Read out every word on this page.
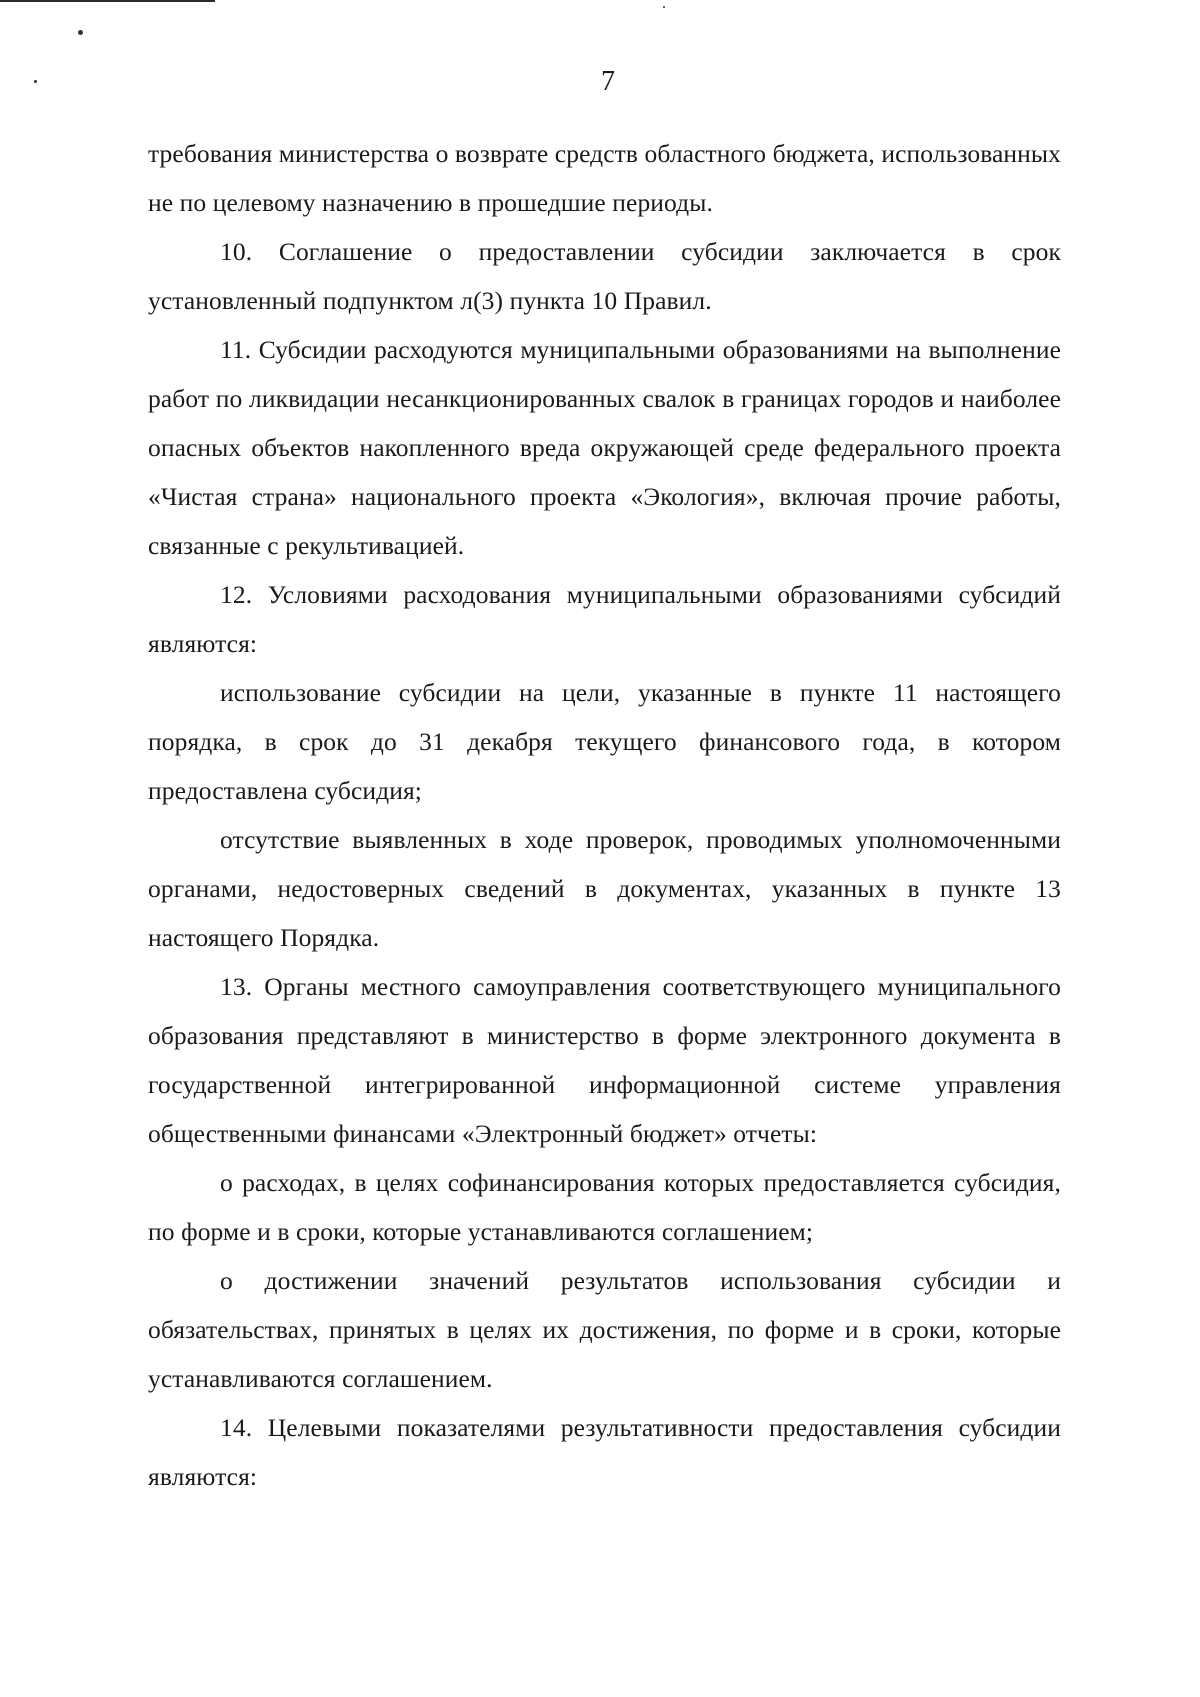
7

требования министерства о возврате средств областного бюджета, использованных не по целевому назначению в прошедшие периоды.

10. Соглашение о предоставлении субсидии заключается в срок установленный подпунктом л(3) пункта 10 Правил.

11. Субсидии расходуются муниципальными образованиями на выполнение работ по ликвидации несанкционированных свалок в границах городов и наиболее опасных объектов накопленного вреда окружающей среде федерального проекта «Чистая страна» национального проекта «Экология», включая прочие работы, связанные с рекультивацией.

12. Условиями расходования муниципальными образованиями субсидий являются:

использование субсидии на цели, указанные в пункте 11 настоящего порядка, в срок до 31 декабря текущего финансового года, в котором предоставлена субсидия;

отсутствие выявленных в ходе проверок, проводимых уполномоченными органами, недостоверных сведений в документах, указанных в пункте 13 настоящего Порядка.

13. Органы местного самоуправления соответствующего муниципального образования представляют в министерство в форме электронного документа в государственной интегрированной информационной системе управления общественными финансами «Электронный бюджет» отчеты:

о расходах, в целях софинансирования которых предоставляется субсидия, по форме и в сроки, которые устанавливаются соглашением;

о достижении значений результатов использования субсидии и обязательствах, принятых в целях их достижения, по форме и в сроки, которые устанавливаются соглашением.

14. Целевыми показателями результативности предоставления субсидии являются:
